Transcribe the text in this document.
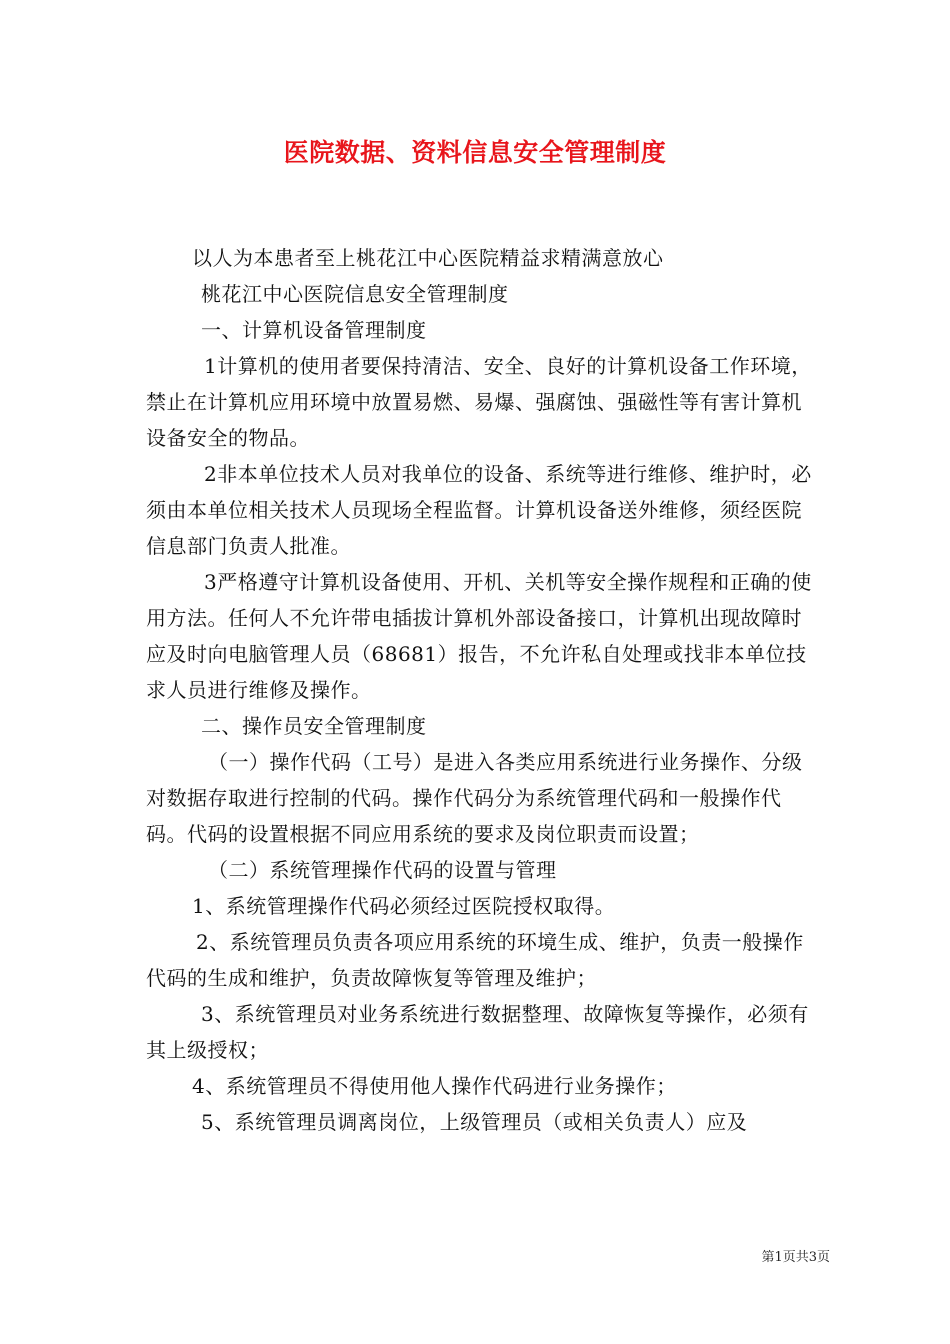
医院数据、资料信息安全管理制度

以人为本患者至上桃花江中心医院精益求精满意放心

桃花江中心医院信息安全管理制度

一、计算机设备管理制度

1计算机的使用者要保持清洁、安全、良好的计算机设备工作环境，禁止在计算机应用环境中放置易燃、易爆、强腐蚀、强磁性等有害计算机设备安全的物品。

2非本单位技术人员对我单位的设备、系统等进行维修、维护时，必须由本单位相关技术人员现场全程监督。计算机设备送外维修，须经医院信息部门负责人批准。

3严格遵守计算机设备使用、开机、关机等安全操作规程和正确的使用方法。任何人不允许带电插拔计算机外部设备接口，计算机出现故障时应及时向电脑管理人员（68681）报告，不允许私自处理或找非本单位技求人员进行维修及操作。

二、操作员安全管理制度

（一）操作代码（工号）是进入各类应用系统进行业务操作、分级对数据存取进行控制的代码。操作代码分为系统管理代码和一般操作代码。代码的设置根据不同应用系统的要求及岗位职责而设置；

（二）系统管理操作代码的设置与管理

1、系统管理操作代码必须经过医院授权取得。

2、系统管理员负责各项应用系统的环境生成、维护，负责一般操作代码的生成和维护，负责故障恢复等管理及维护；

3、系统管理员对业务系统进行数据整理、故障恢复等操作，必须有其上级授权；

4、系统管理员不得使用他人操作代码进行业务操作；

5、系统管理员调离岗位，上级管理员（或相关负责人）应及

第1页共3页
